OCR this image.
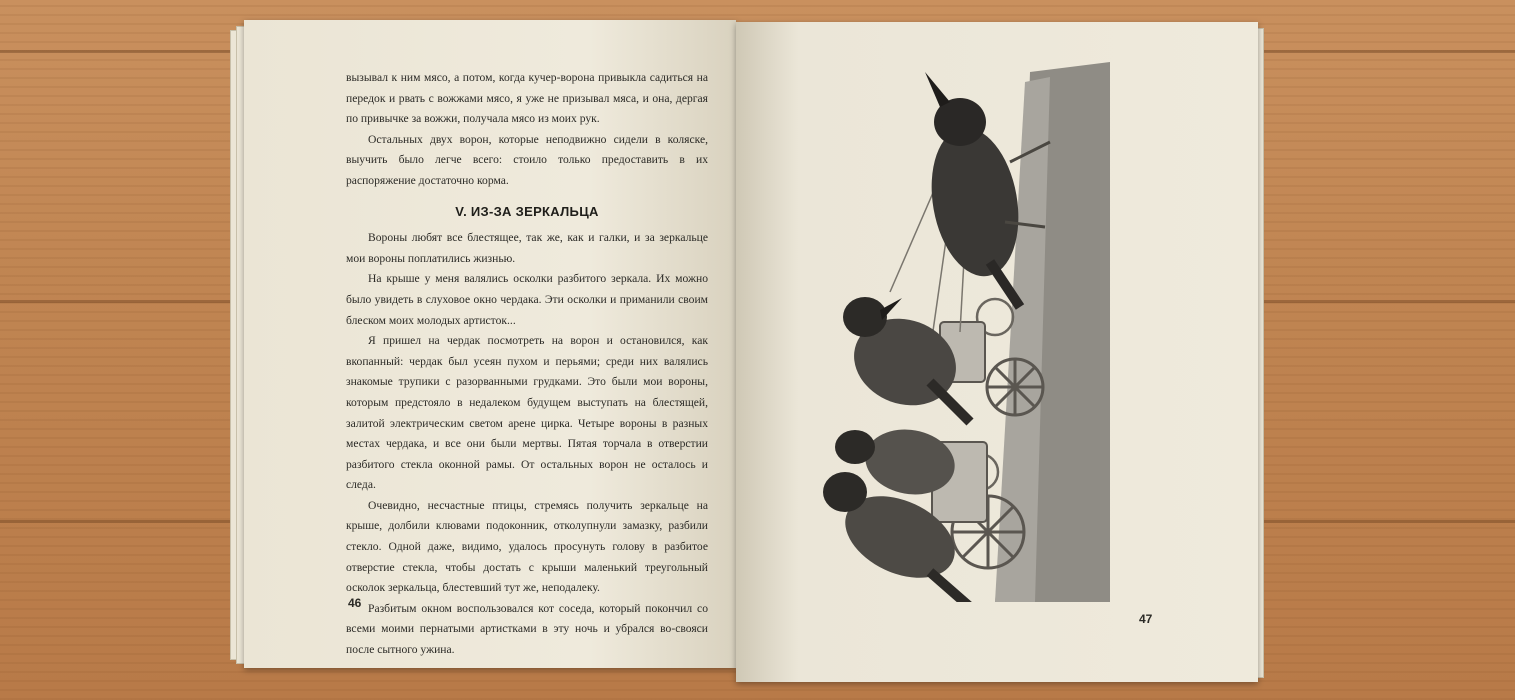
вызывал к ним мясо, а потом, когда кучер-ворона привыкла садиться на передок и рвать с вожжами мясо, я уже не призывал мяса, и она, дергая по привычке за вожжи, получала мясо из моих рук.

Остальных двух ворон, которые неподвижно сидели в коляске, выучить было легче всего: стоило только предоставить в их распоряжение достаточно корма.

V. ИЗ-ЗА ЗЕРКАЛЬЦА

Вороны любят все блестящее, так же, как и галки, и за зеркальце мои вороны поплатились жизнью.

На крыше у меня валялись осколки разбитого зеркала. Их можно было увидеть в слуховое окно чердака. Эти осколки и приманили своим блеском моих молодых артисток...

Я пришел на чердак посмотреть на ворон и остановился, как вкопанный: чердак был усеян пухом и перьями; среди них валялись знакомые трупики с разорванными грудками. Это были мои вороны, которым предстояло в недалеком будущем выступать на блестящей, залитой электрическим светом арене цирка. Четыре вороны в разных местах чердака, и все они были мертвы. Пятая торчала в отверстии разбитого стекла оконной рамы. От остальных ворон не осталось и следа.

Очевидно, несчастные птицы, стремясь получить зеркальце на крыше, долбили клювами подоконник, отколупнули замазку, разбили стекло. Одной даже, видимо, удалось просунуть голову в разбитое отверстие стекла, чтобы достать с крыши маленький треугольный осколок зеркальца, блестевший тут же, неподалеку.

Разбитым окном воспользовался кот соседа, который покончил со всеми моими пернатыми артистками в эту ночь и убрался во-свояси после сытного ужина.

46
47
